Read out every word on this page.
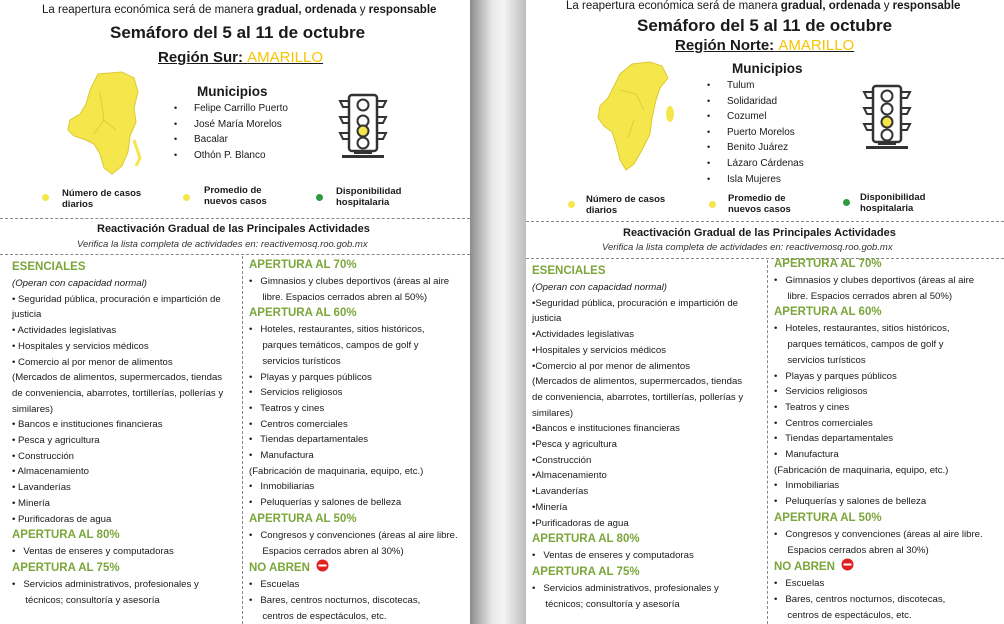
La reapertura económica será de manera gradual, ordenada y responsable
Semáforo del 5 al 11 de octubre
Región Sur: AMARILLO
Municipios
• Felipe Carrillo Puerto
• José María Morelos
• Bacalar
• Othón P. Blanco
Número de casos diarios
Promedio de nuevos casos
Disponibilidad hospitalaria
Reactivación Gradual de las Principales Actividades
Verifica la lista completa de actividades en: reactivemosq.roo.gob.mx
ESENCIALES
(Operan con capacidad normal)
• Seguridad pública, procuración e impartición de
justicia
• Actividades legislativas
• Hospitales y servicios médicos
• Comercio al por menor de alimentos
(Mercados de alimentos, supermercados, tiendas
de conveniencia, abarrotes, tortillerías, pollerías y
similares)
• Bancos e instituciones financieras
• Pesca y agricultura
• Construcción
• Almacenamiento
• Lavanderías
• Minería
• Purificadoras de agua
APERTURA AL 80%
•   Ventas de enseres y computadoras
APERTURA AL 75%
•   Servicios administrativos, profesionales y
técnicos; consultoría y asesoría
APERTURA AL 70%
•   Gimnasios y clubes deportivos (áreas al aire
libre. Espacios cerrados abren al 50%)
APERTURA AL 60%
•   Hoteles, restaurantes, sitios históricos,
parques temáticos, campos de golf y
servicios turísticos
•   Playas y parques públicos
•   Servicios religiosos
•   Teatros y cines
•   Centros comerciales
•   Tiendas departamentales
•   Manufactura
(Fabricación de maquinaria, equipo, etc.)
•   Inmobiliarias
•   Peluquerías y salones de belleza
APERTURA AL 50%
•   Congresos y convenciones (áreas al aire libre.
Espacios cerrados abren al 30%)
NO ABREN
•   Escuelas
•   Bares, centros nocturnos, discotecas,
centros de espectáculos, etc.
La reapertura económica será de manera gradual, ordenada y responsable
Semáforo del 5 al 11 de octubre
Región Norte: AMARILLO
Municipios
• Tulum
• Solidaridad
• Cozumel
• Puerto Morelos
• Benito Juárez
• Lázaro Cárdenas
• Isla Mujeres
Número de casos diarios
Promedio de nuevos casos
Disponibilidad hospitalaria
Reactivación Gradual de las Principales Actividades
Verifica la lista completa de actividades en: reactivemosq.roo.gob.mx
ESENCIALES
(Operan con capacidad normal)
•Seguridad pública, procuración e impartición de
justicia
•Actividades legislativas
•Hospitales y servicios médicos
•Comercio al por menor de alimentos
(Mercados de alimentos, supermercados, tiendas
de conveniencia, abarrotes, tortillerías, pollerías y
similares)
•Bancos e instituciones financieras
•Pesca y agricultura
•Construcción
•Almacenamiento
•Lavanderías
•Minería
•Purificadoras de agua
APERTURA AL 80%
•   Ventas de enseres y computadoras
APERTURA AL 75%
•   Servicios administrativos, profesionales y
técnicos; consultoría y asesoría
APERTURA AL 70%
•   Gimnasios y clubes deportivos (áreas al aire
libre. Espacios cerrados abren al 50%)
APERTURA AL 60%
•   Hoteles, restaurantes, sitios históricos,
parques temáticos, campos de golf y
servicios turísticos
•   Playas y parques públicos
•   Servicios religiosos
•   Teatros y cines
•   Centros comerciales
•   Tiendas departamentales
•   Manufactura
(Fabricación de maquinaria, equipo, etc.)
•   Inmobiliarias
•   Peluquerías y salones de belleza
APERTURA AL 50%
•   Congresos y convenciones (áreas al aire libre.
Espacios cerrados abren al 30%)
NO ABREN
•   Escuelas
•   Bares, centros nocturnos, discotecas,
centros de espectáculos, etc.
